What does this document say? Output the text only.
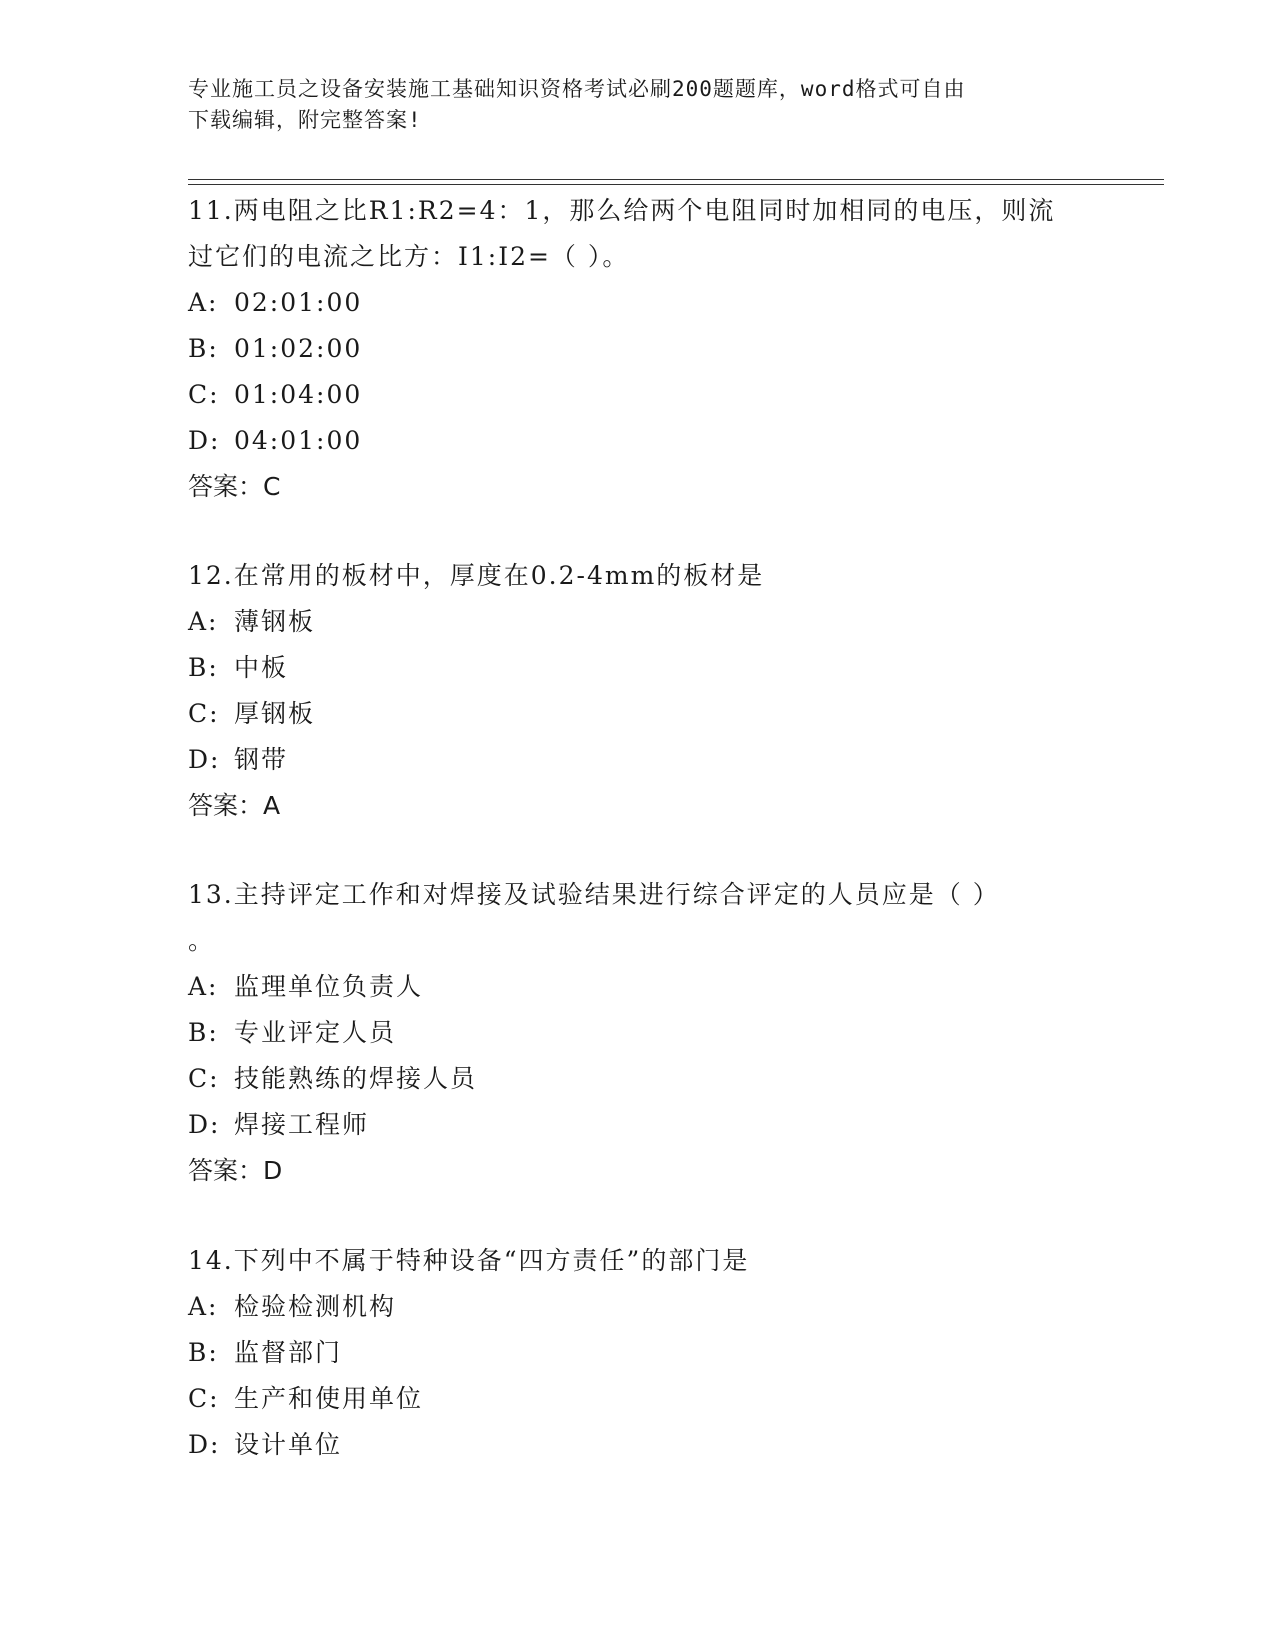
专业施工员之设备安装施工基础知识资格考试必刷200题题库，word格式可自由
下载编辑，附完整答案!

11.两电阻之比R1:R2=4：1，那么给两个电阻同时加相同的电压，则流

过它们的电流之比方：I1:I2=（ ）。

A: 02:01:00

B: 01:02:00

C: 01:04:00

D: 04:01:00

答案：C

12.在常用的板材中，厚度在0.2-4mm的板材是

A: 薄钢板

B: 中板

C: 厚钢板

D: 钢带

答案：A

13.主持评定工作和对焊接及试验结果进行综合评定的人员应是（ ）

。

A: 监理单位负责人

B: 专业评定人员

C: 技能熟练的焊接人员

D: 焊接工程师

答案：D

14.下列中不属于特种设备“四方责任”的部门是

A: 检验检测机构

B: 监督部门

C: 生产和使用单位

D: 设计单位
